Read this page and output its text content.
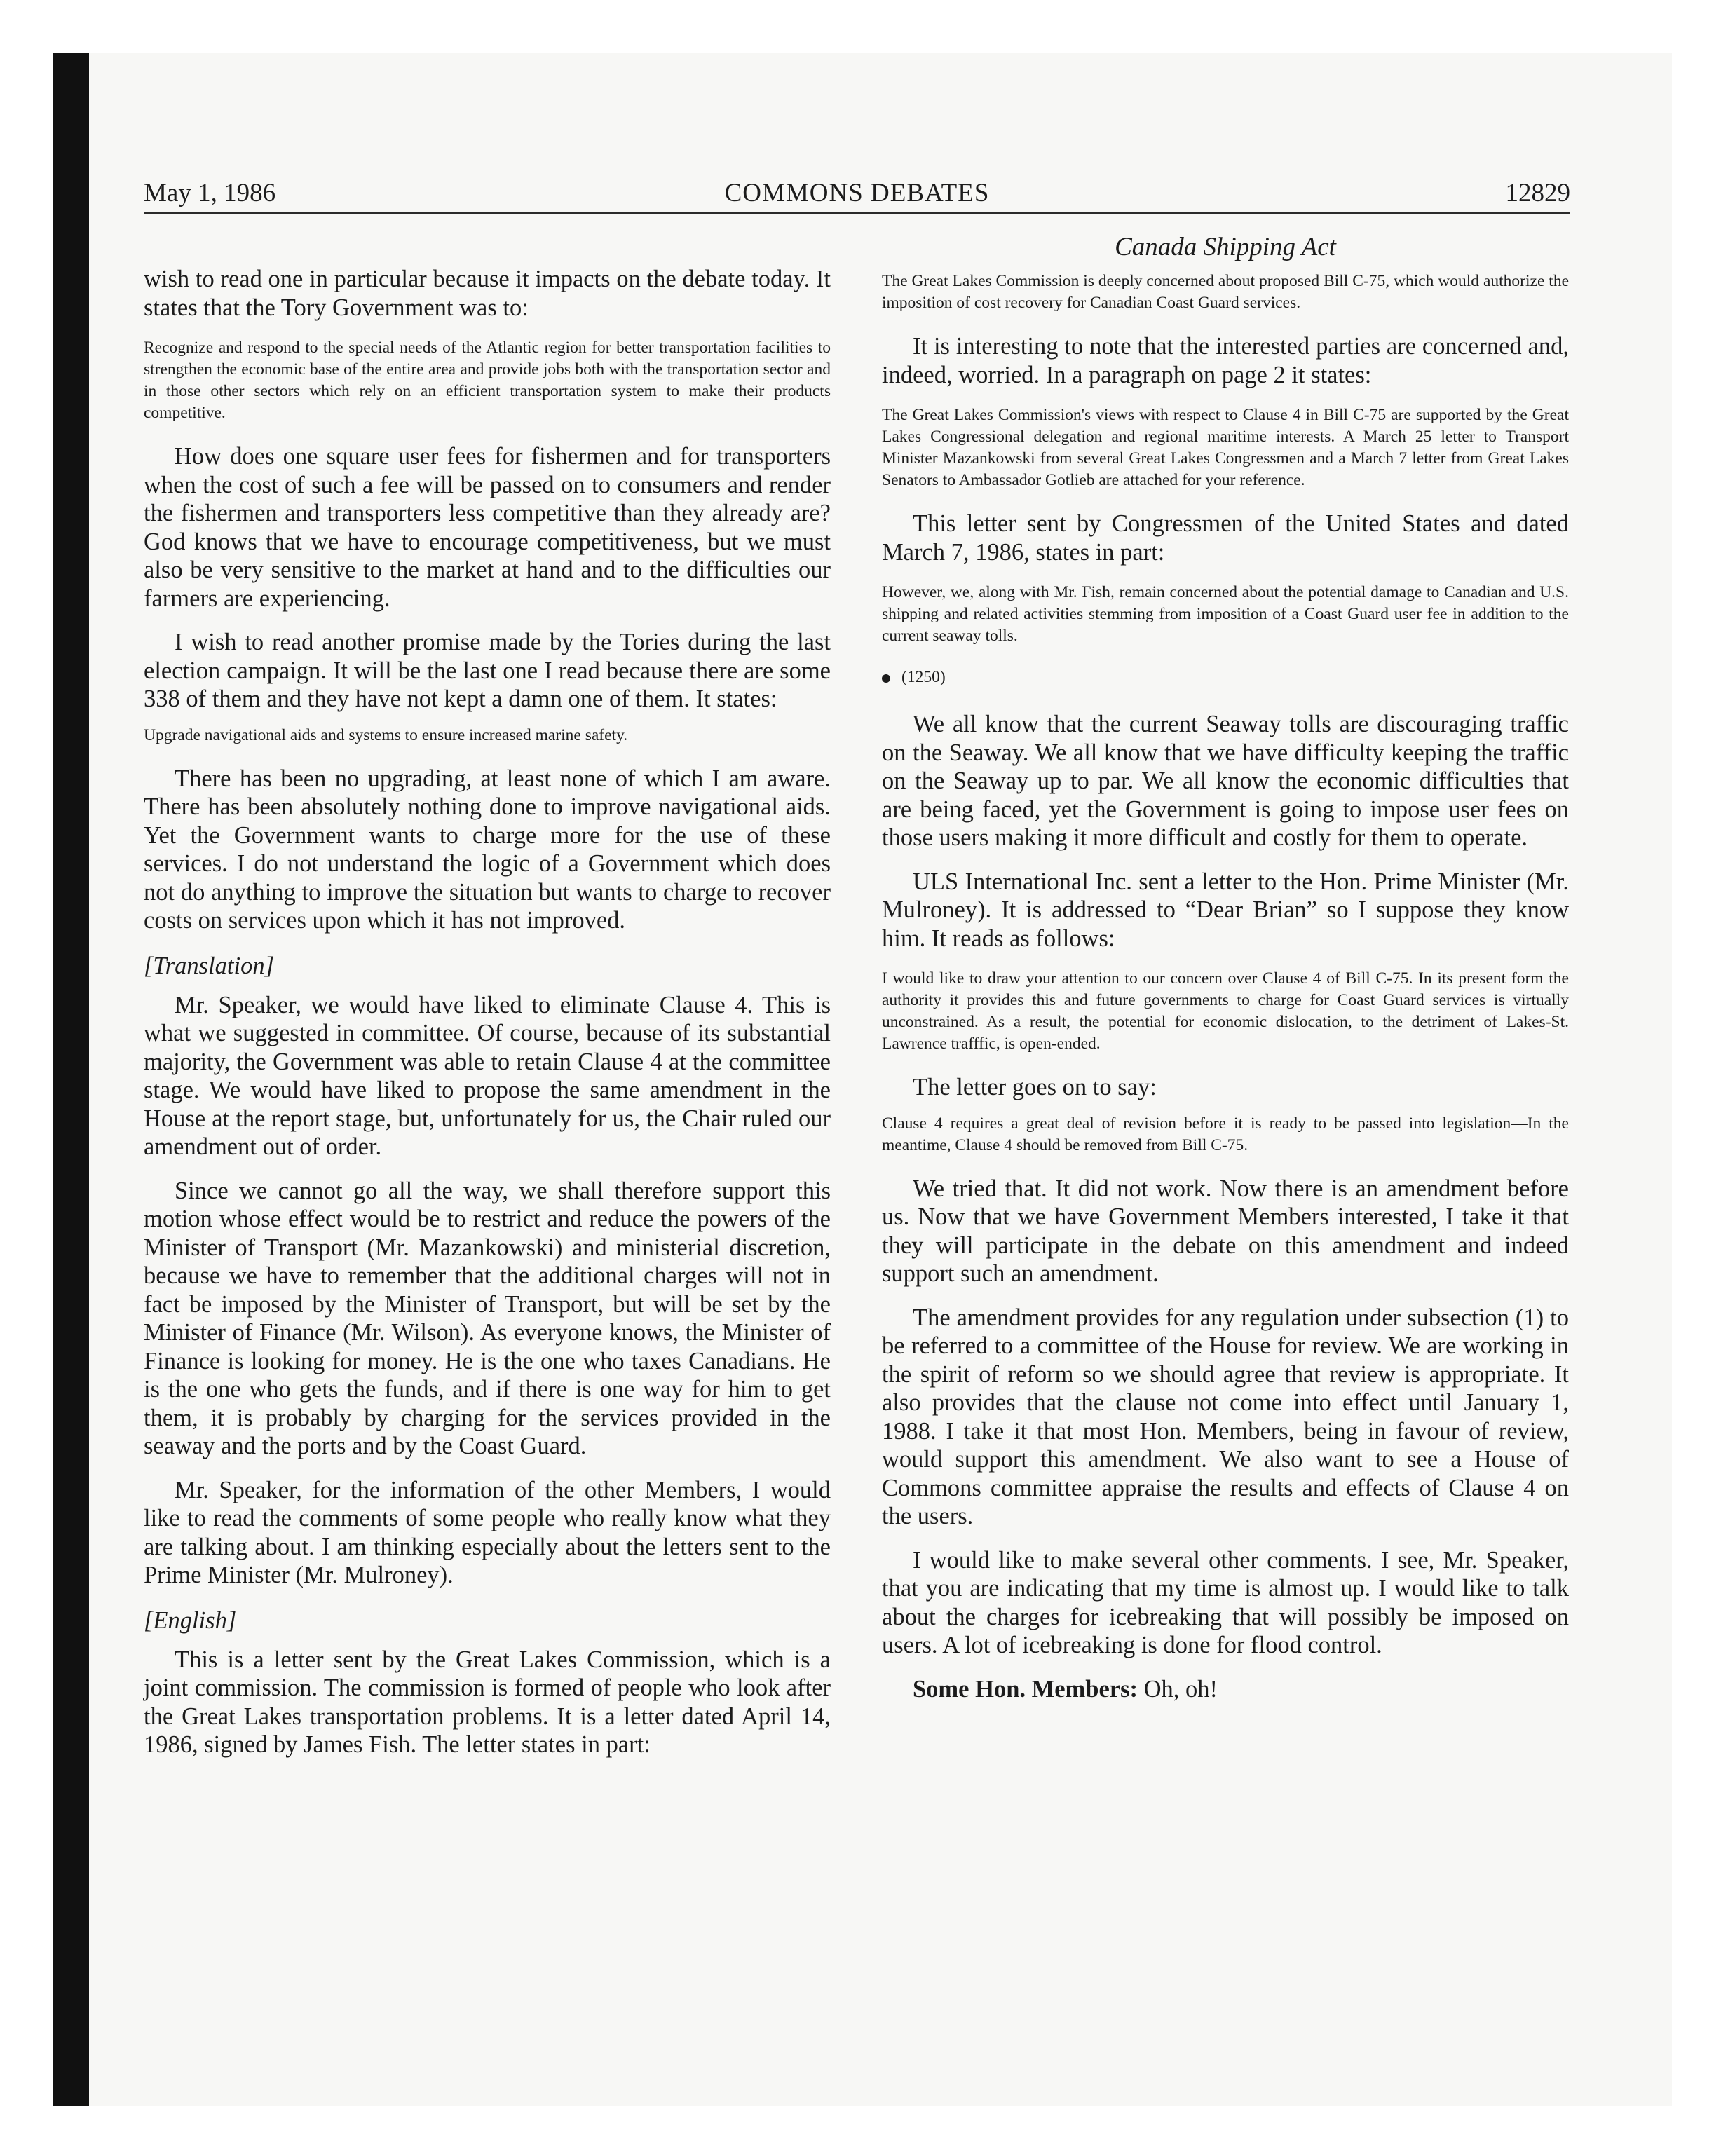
May 1, 1986	COMMONS DEBATES	12829

wish to read one in particular because it impacts on the debate today. It states that the Tory Government was to:

Recognize and respond to the special needs of the Atlantic region for better transportation facilities to strengthen the economic base of the entire area and provide jobs both with the transportation sector and in those other sectors which rely on an efficient transportation system to make their products competitive.

How does one square user fees for fishermen and for transporters when the cost of such a fee will be passed on to consumers and render the fishermen and transporters less competitive than they already are? God knows that we have to encourage competitiveness, but we must also be very sensitive to the market at hand and to the difficulties our farmers are experiencing.

I wish to read another promise made by the Tories during the last election campaign. It will be the last one I read because there are some 338 of them and they have not kept a damn one of them. It states:

Upgrade navigational aids and systems to ensure increased marine safety.

There has been no upgrading, at least none of which I am aware. There has been absolutely nothing done to improve navigational aids. Yet the Government wants to charge more for the use of these services. I do not understand the logic of a Government which does not do anything to improve the situation but wants to charge to recover costs on services upon which it has not improved.

[Translation]

Mr. Speaker, we would have liked to eliminate Clause 4. This is what we suggested in committee. Of course, because of its substantial majority, the Government was able to retain Clause 4 at the committee stage. We would have liked to propose the same amendment in the House at the report stage, but, unfortunately for us, the Chair ruled our amendment out of order.

Since we cannot go all the way, we shall therefore support this motion whose effect would be to restrict and reduce the powers of the Minister of Transport (Mr. Mazankowski) and ministerial discretion, because we have to remember that the additional charges will not in fact be imposed by the Minister of Transport, but will be set by the Minister of Finance (Mr. Wilson). As everyone knows, the Minister of Finance is looking for money. He is the one who taxes Canadians. He is the one who gets the funds, and if there is one way for him to get them, it is probably by charging for the services provided in the seaway and the ports and by the Coast Guard.

Mr. Speaker, for the information of the other Members, I would like to read the comments of some people who really know what they are talking about. I am thinking especially about the letters sent to the Prime Minister (Mr. Mulroney).

[English]

This is a letter sent by the Great Lakes Commission, which is a joint commission. The commission is formed of people who look after the Great Lakes transportation problems. It is a letter dated April 14, 1986, signed by James Fish. The letter states in part:

Canada Shipping Act

The Great Lakes Commission is deeply concerned about proposed Bill C-75, which would authorize the imposition of cost recovery for Canadian Coast Guard services.

It is interesting to note that the interested parties are concerned and, indeed, worried. In a paragraph on page 2 it states:

The Great Lakes Commission's views with respect to Clause 4 in Bill C-75 are supported by the Great Lakes Congressional delegation and regional maritime interests. A March 25 letter to Transport Minister Mazankowski from several Great Lakes Congressmen and a March 7 letter from Great Lakes Senators to Ambassador Gotlieb are attached for your reference.

This letter sent by Congressmen of the United States and dated March 7, 1986, states in part:

However, we, along with Mr. Fish, remain concerned about the potential damage to Canadian and U.S. shipping and related activities stemming from imposition of a Coast Guard user fee in addition to the current seaway tolls.

(1250)

We all know that the current Seaway tolls are discouraging traffic on the Seaway. We all know that we have difficulty keeping the traffic on the Seaway up to par. We all know the economic difficulties that are being faced, yet the Government is going to impose user fees on those users making it more difficult and costly for them to operate.

ULS International Inc. sent a letter to the Hon. Prime Minister (Mr. Mulroney). It is addressed to “Dear Brian” so I suppose they know him. It reads as follows:

I would like to draw your attention to our concern over Clause 4 of Bill C-75. In its present form the authority it provides this and future governments to charge for Coast Guard services is virtually unconstrained. As a result, the potential for economic dislocation, to the detriment of Lakes-St. Lawrence trafffic, is open-ended.

The letter goes on to say:

Clause 4 requires a great deal of revision before it is ready to be passed into legislation—In the meantime, Clause 4 should be removed from Bill C-75.

We tried that. It did not work. Now there is an amendment before us. Now that we have Government Members interested, I take it that they will participate in the debate on this amendment and indeed support such an amendment.

The amendment provides for any regulation under subsection (1) to be referred to a committee of the House for review. We are working in the spirit of reform so we should agree that review is appropriate. It also provides that the clause not come into effect until January 1, 1988. I take it that most Hon. Members, being in favour of review, would support this amendment. We also want to see a House of Commons committee appraise the results and effects of Clause 4 on the users.

I would like to make several other comments. I see, Mr. Speaker, that you are indicating that my time is almost up. I would like to talk about the charges for icebreaking that will possibly be imposed on users. A lot of icebreaking is done for flood control.

Some Hon. Members: Oh, oh!
